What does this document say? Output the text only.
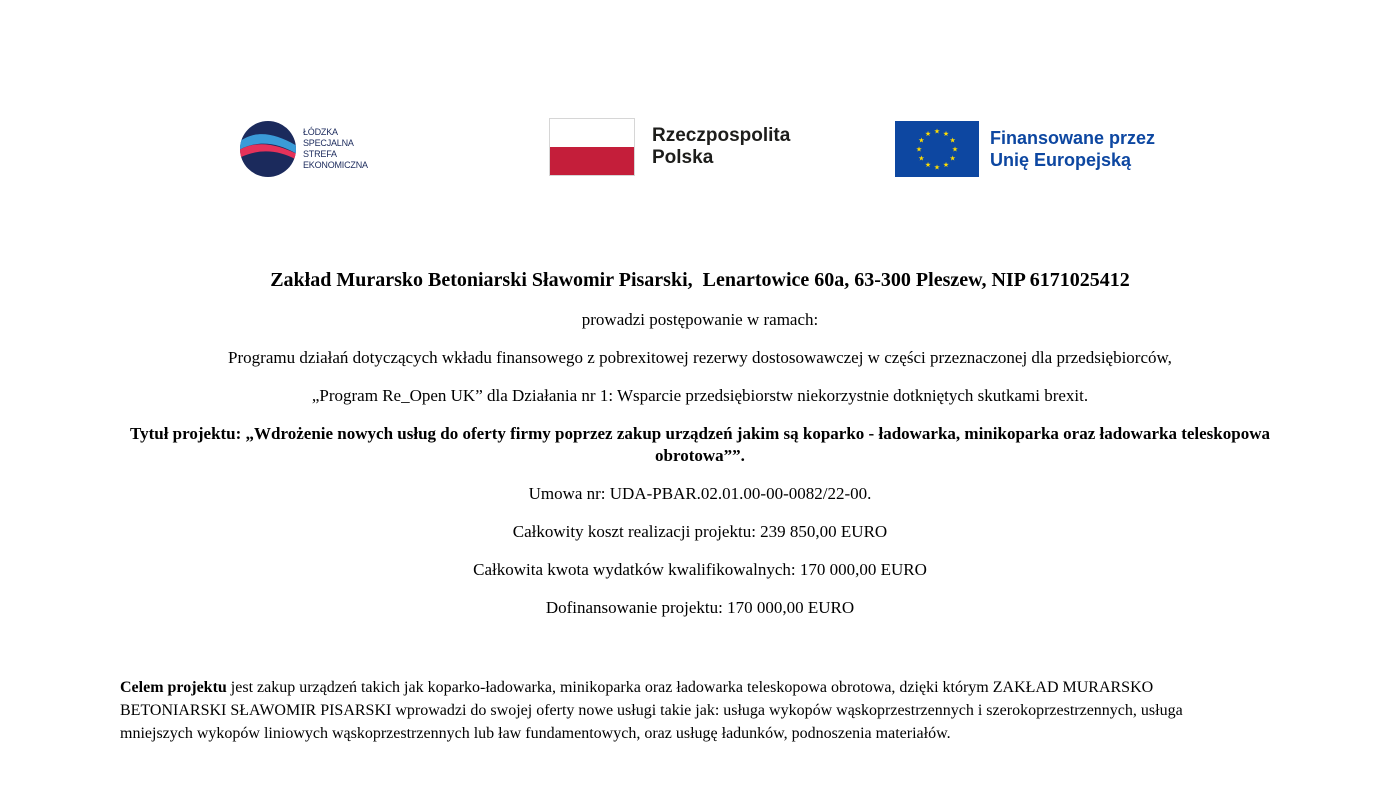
ŁÓDZKA
SPECJALNA
STREFA
EKONOMICZNA
Rzeczpospolita
Polska
★ ★
★
★
★
★
★
★
★
★
★
★	Finansowane przez
Unię Europejską
Zakład Murarsko Betoniarski Sławomir Pisarski,  Lenartowice 60a, 63-300 Pleszew, NIP 6171025412
prowadzi postępowanie w ramach:
Programu działań dotyczących wkładu finansowego z pobrexitowej rezerwy dostosowawczej w części przeznaczonej dla przedsiębiorców,
„Program Re_Open UK” dla Działania nr 1: Wsparcie przedsiębiorstw niekorzystnie dotkniętych skutkami brexit.
Tytuł projektu: „Wdrożenie nowych usług do oferty firmy poprzez zakup urządzeń jakim są koparko - ładowarka, minikoparka oraz ładowarka teleskopowa obrotowa””.
Umowa nr: UDA-PBAR.02.01.00-00-0082/22-00.
Całkowity koszt realizacji projektu: 239 850,00 EURO
Całkowita kwota wydatków kwalifikowalnych: 170 000,00 EURO
Dofinansowanie projektu: 170 000,00 EURO
Celem projektu jest zakup urządzeń takich jak koparko-ładowarka, minikoparka oraz ładowarka teleskopowa obrotowa, dzięki którym ZAKŁAD MURARSKO BETONIARSKI SŁAWOMIR PISARSKI wprowadzi do swojej oferty nowe usługi takie jak: usługa wykopów wąskoprzestrzennych i szerokoprzestrzennych, usługa mniejszych wykopów liniowych wąskoprzestrzennych lub ław fundamentowych, oraz usługę ładunków, podnoszenia materiałów.
